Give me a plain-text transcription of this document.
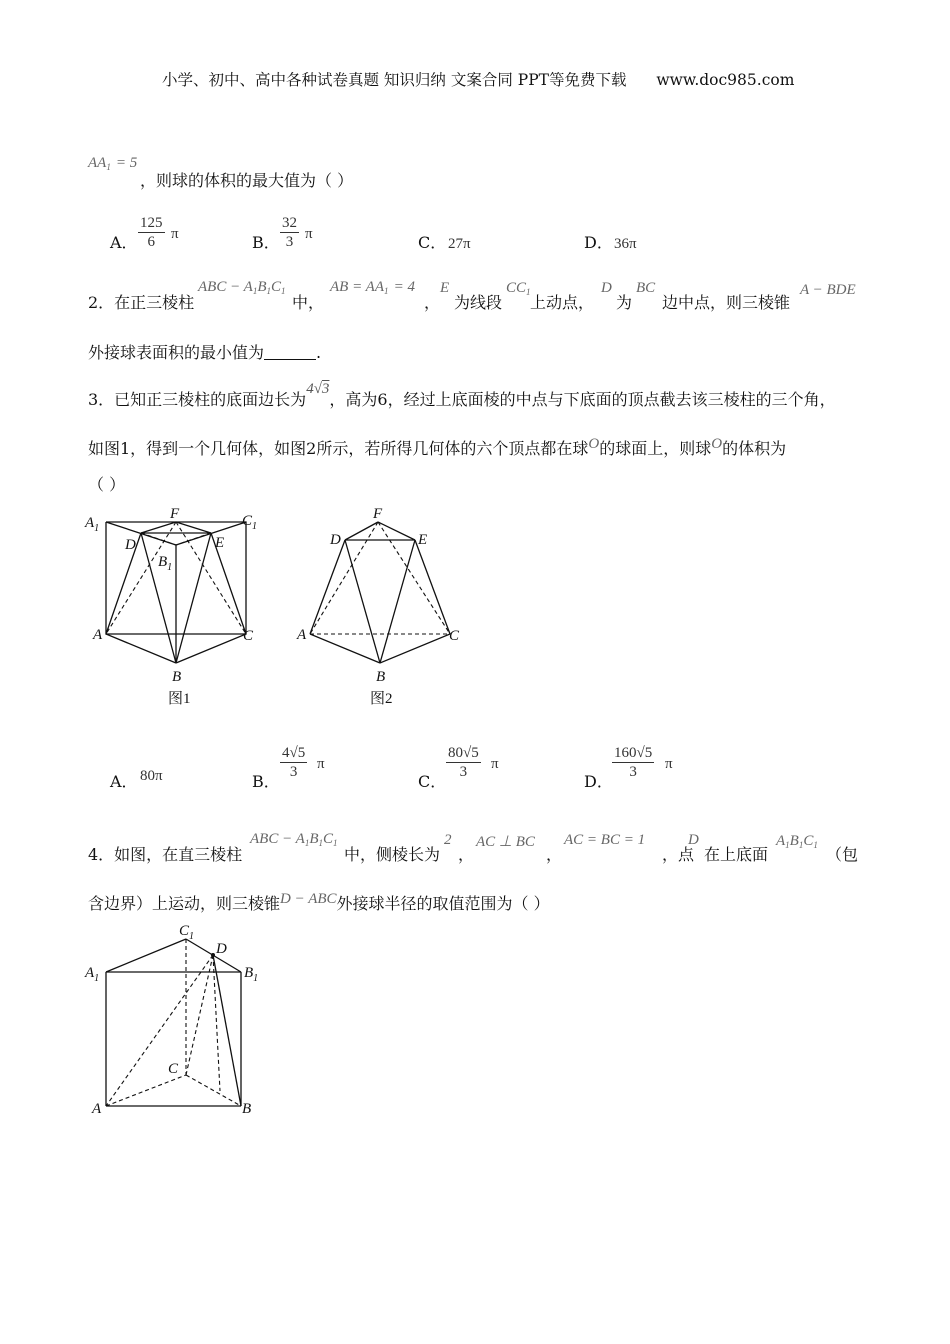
小学、初中、高中各种试卷真题 知识归纳 文案合同 PPT等免费下载 www.doc985.com
$AA_1 = 5$
，则球的体积的最大值为（ ）
A． $\frac{125}{6}$ π	B． $\frac{32}{3}$ π	C． 27π	D． 36π
2．在正三棱柱
ABC − $A_1B_1C_1$
中，
AB = $AA_1 = 4$
，
E
为线段
$CC_1$
上动点，
D
为
BC
边中点，则三棱锥
A − BDE
外接球表面积的最小值为	.
3．已知正三棱柱的底面边长为4√3，高为6，经过上底面棱的中点与下底面的顶点截去该三棱柱的三个角，
如图1，得到一个几何体，如图2所示，若所得几何体的六个顶点都在球O的球面上，则球O的体积为
（ ）
$A_1$
F	$C_1$
D	E
$B_1$
A	C
B
F
D	E
A	C
B
图1	图2
A． 80π	B．
$\frac{4√5}{3}$ π
C．
$\frac{80√5}{3}$ π
D．
$\frac{160√5}{3}$ π
4．如图，在直三棱柱
ABC − $A_1B_1C_1$
中，侧棱长为
2
，
AC ⊥ BC
，
AC = BC = 1
，点
D
在上底面
$A_1B_1C_1$ （包
含边界）上运动，则三棱锥D − ABC外接球半径的取值范围为（ ）
$C_1$
D
$A_1$	$B_1$
C
A	B
